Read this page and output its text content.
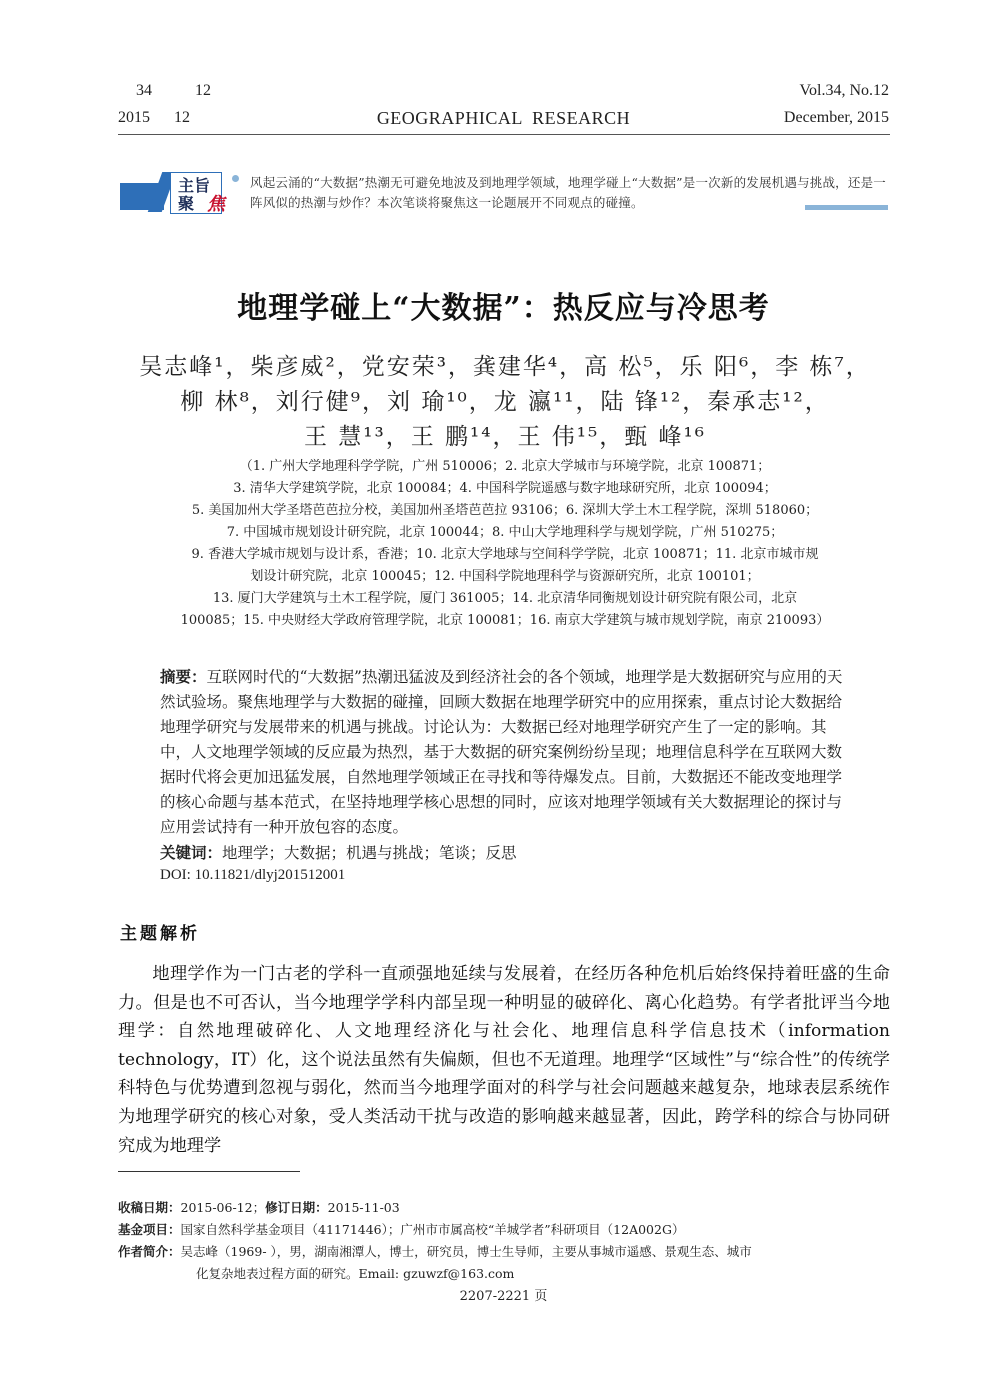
34	12
2015 12	GEOGRAPHICAL  RESEARCH
Vol.34, No.12
December, 2015
主旨
聚 焦
风起云涌的“大数据”热潮无可避免地波及到地理学领域，地理学碰上“大数据”是一次新的发展机遇与挑战，还是一阵风似的热潮与炒作？本次笔谈将聚焦这一论题展开不同观点的碰撞。
地理学碰上“大数据”：热反应与冷思考
吴志峰¹，柴彦威²，党安荣³，龚建华⁴，高 松⁵，乐 阳⁶，李 栋⁷，
柳 林⁸，刘行健⁹，刘 瑜¹⁰，龙 瀛¹¹，陆 锋¹²，秦承志¹²，
王 慧¹³，王 鹏¹⁴，王 伟¹⁵，甄 峰¹⁶
（1. 广州大学地理科学学院，广州 510006；2. 北京大学城市与环境学院，北京 100871；
3. 清华大学建筑学院，北京 100084；4. 中国科学院遥感与数字地球研究所，北京 100094；
5. 美国加州大学圣塔芭芭拉分校，美国加州圣塔芭芭拉 93106；6. 深圳大学土木工程学院，深圳 518060；
7. 中国城市规划设计研究院，北京 100044；8. 中山大学地理科学与规划学院，广州 510275；
9. 香港大学城市规划与设计系，香港；10. 北京大学地球与空间科学学院，北京 100871；11. 北京市城市规
划设计研究院，北京 100045；12. 中国科学院地理科学与资源研究所，北京 100101；
13. 厦门大学建筑与土木工程学院，厦门 361005；14. 北京清华同衡规划设计研究院有限公司，北京
100085；15. 中央财经大学政府管理学院，北京 100081；16. 南京大学建筑与城市规划学院，南京 210093）
摘要：互联网时代的“大数据”热潮迅猛波及到经济社会的各个领域，地理学是大数据研究与应用的天然试验场。聚焦地理学与大数据的碰撞，回顾大数据在地理学研究中的应用探索，重点讨论大数据给地理学研究与发展带来的机遇与挑战。讨论认为：大数据已经对地理学研究产生了一定的影响。其中，人文地理学领域的反应最为热烈，基于大数据的研究案例纷纷呈现；地理信息科学在互联网大数据时代将会更加迅猛发展，自然地理学领域正在寻找和等待爆发点。目前，大数据还不能改变地理学的核心命题与基本范式，在坚持地理学核心思想的同时，应该对地理学领域有关大数据理论的探讨与应用尝试持有一种开放包容的态度。
关键词：地理学；大数据；机遇与挑战；笔谈；反思
DOI: 10.11821/dlyj201512001
主题解析

地理学作为一门古老的学科一直顽强地延续与发展着，在经历各种危机后始终保持着旺盛的生命力。但是也不可否认，当今地理学学科内部呈现一种明显的破碎化、离心化趋势。有学者批评当今地理学：自然地理破碎化、人文地理经济化与社会化、地理信息科学信息技术（information technology，IT）化，这个说法虽然有失偏颇，但也不无道理。地理学“区域性”与“综合性”的传统学科特色与优势遭到忽视与弱化，然而当今地理学面对的科学与社会问题越来越复杂，地球表层系统作为地理学研究的核心对象，受人类活动干扰与改造的影响越来越显著，因此，跨学科的综合与协同研究成为地理学

收稿日期：2015-06-12；修订日期：2015-11-03
基金项目：国家自然科学基金项目（41171446）；广州市市属高校“羊城学者”科研项目（12A002G）
作者简介：吴志峰（1969- ），男，湖南湘潭人，博士，研究员，博士生导师，主要从事城市遥感、景观生态、城市
化复杂地表过程方面的研究。Email: gzuwzf@163.com
2207-2221 页
